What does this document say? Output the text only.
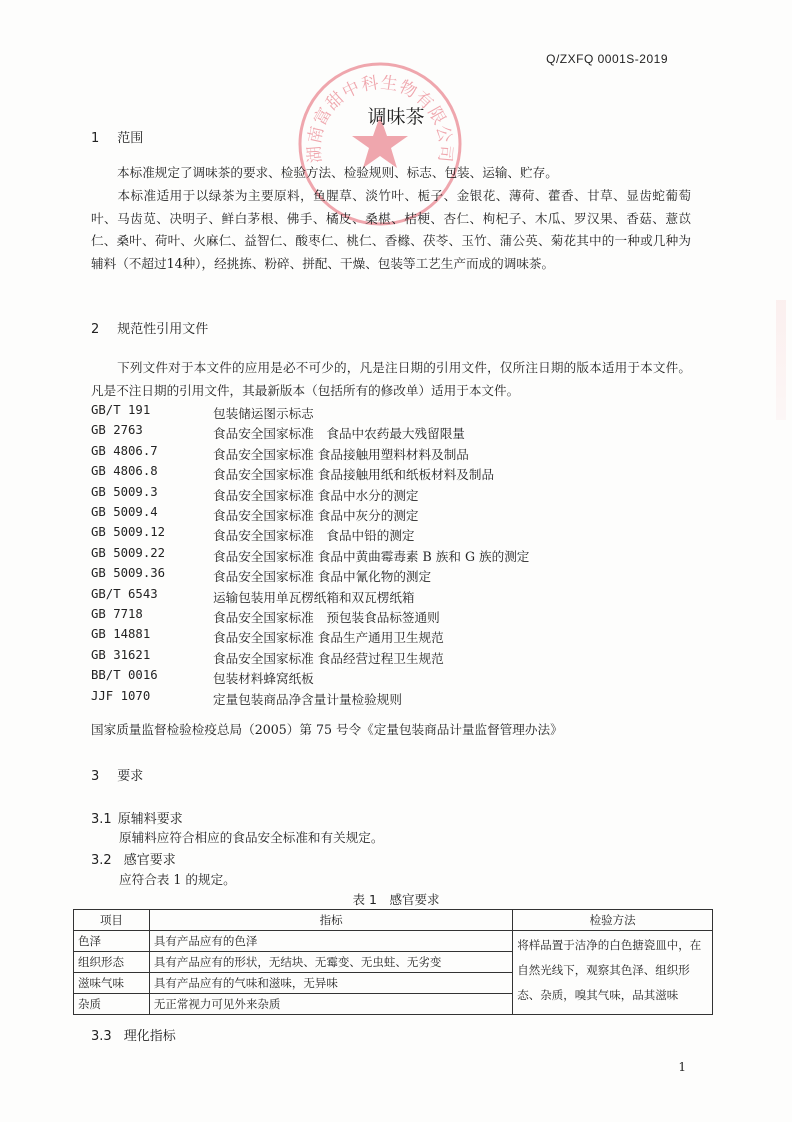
湖南富甜中科生物有限公司
Q/ZXFQ 0001S-2019
调味茶
1 范围
本标准规定了调味茶的要求、检验方法、检验规则、标志、包装、运输、贮存。
本标准适用于以绿茶为主要原料，鱼腥草、淡竹叶、栀子、金银花、薄荷、藿香、甘草、显齿蛇葡萄叶、马齿苋、决明子、鲜白茅根、佛手、橘皮、桑椹、桔梗、杏仁、枸杞子、木瓜、罗汉果、香菇、薏苡仁、桑叶、荷叶、火麻仁、益智仁、酸枣仁、桃仁、香橼、茯苓、玉竹、蒲公英、菊花其中的一种或几种为辅料（不超过14种），经挑拣、粉碎、拼配、干燥、包装等工艺生产而成的调味茶。
2 规范性引用文件
下列文件对于本文件的应用是必不可少的，凡是注日期的引用文件，仅所注日期的版本适用于本文件。凡是不注日期的引用文件，其最新版本（包括所有的修改单）适用于本文件。
GB/T 191	包装储运图示标志
GB 2763	食品安全国家标准　食品中农药最大残留限量
GB 4806.7	食品安全国家标准 食品接触用塑料材料及制品
GB 4806.8	食品安全国家标准 食品接触用纸和纸板材料及制品
GB 5009.3	食品安全国家标准 食品中水分的测定
GB 5009.4	食品安全国家标准 食品中灰分的测定
GB 5009.12	食品安全国家标准　食品中铅的测定
GB 5009.22	食品安全国家标准 食品中黄曲霉毒素 B 族和 G 族的测定
GB 5009.36	食品安全国家标准 食品中氰化物的测定
GB/T 6543	运输包装用单瓦楞纸箱和双瓦楞纸箱
GB 7718	食品安全国家标准　预包装食品标签通则
GB 14881	食品安全国家标准 食品生产通用卫生规范
GB 31621	食品安全国家标准 食品经营过程卫生规范
BB/T 0016	包装材料蜂窝纸板
JJF 1070	定量包装商品净含量计量检验规则
国家质量监督检验检疫总局（2005）第 75 号令《定量包装商品计量监督管理办法》
3 要求
3.1 原辅料要求
原辅料应符合相应的食品安全标准和有关规定。
3.2 感官要求
应符合表 1 的规定。
表 1　感官要求
项目	指标	检验方法
色泽	具有产品应有的色泽	将样品置于洁净的白色搪瓷皿中，在自然光线下，观察其色泽、组织形态、杂质，嗅其气味，品其滋味
组织形态	具有产品应有的形状，无结块、无霉变、无虫蛀、无劣变	
滋味气味	具有产品应有的气味和滋味，无异味	
杂质	无正常视力可见外来杂质	
3.3 理化指标
1
